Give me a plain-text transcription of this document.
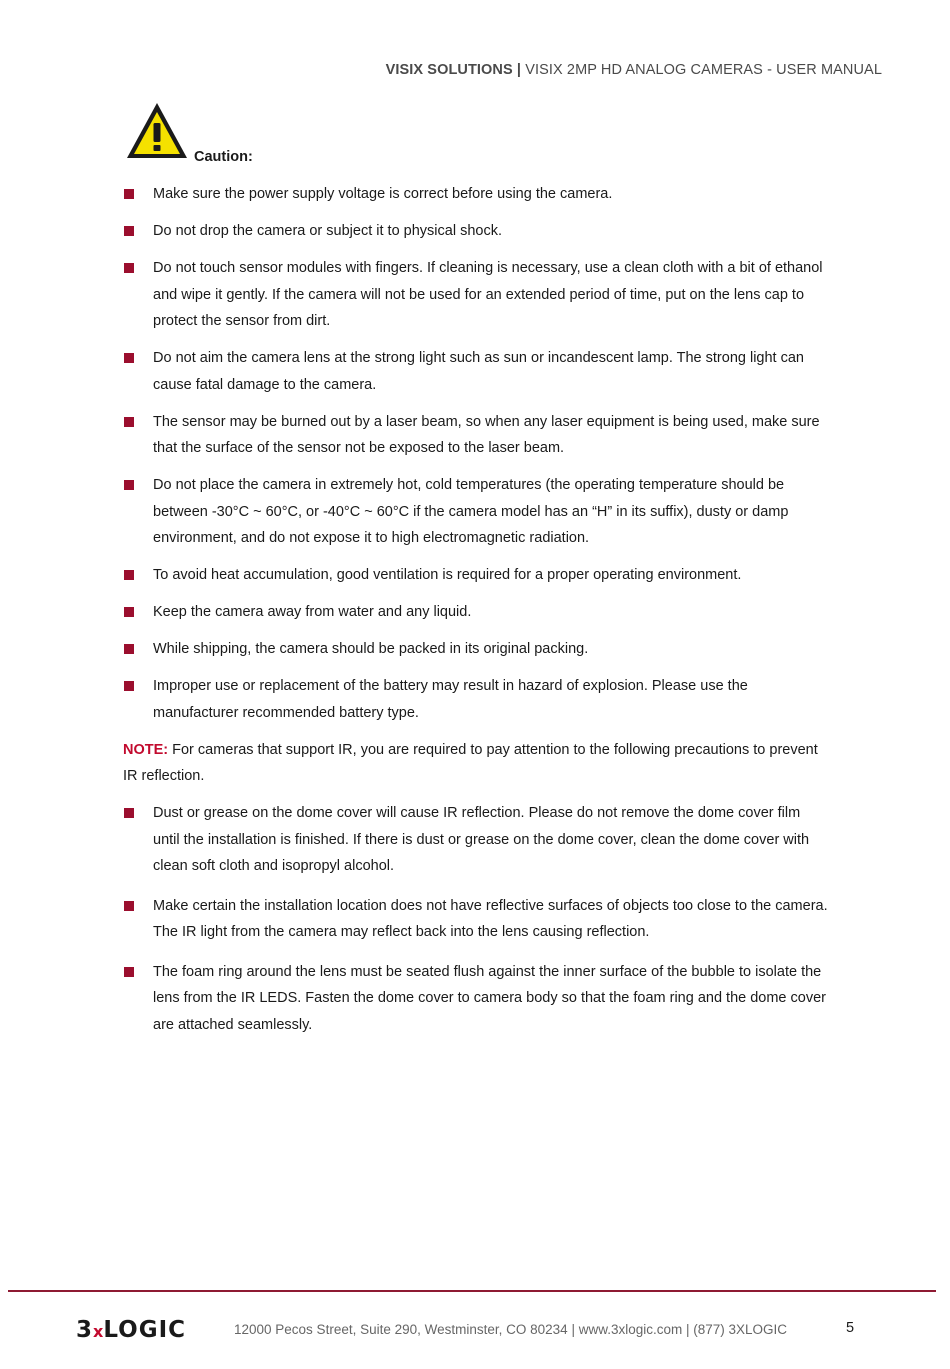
VISIX SOLUTIONS | VISIX 2MP HD ANALOG CAMERAS - USER MANUAL
Caution:
Make sure the power supply voltage is correct before using the camera.
Do not drop the camera or subject it to physical shock.
Do not touch sensor modules with fingers. If cleaning is necessary, use a clean cloth with a bit of ethanol and wipe it gently. If the camera will not be used for an extended period of time, put on the lens cap to protect the sensor from dirt.
Do not aim the camera lens at the strong light such as sun or incandescent lamp. The strong light can cause fatal damage to the camera.
The sensor may be burned out by a laser beam, so when any laser equipment is being used, make sure that the surface of the sensor not be exposed to the laser beam.
Do not place the camera in extremely hot, cold temperatures (the operating temperature should be between -30°C ~ 60°C, or -40°C ~ 60°C if the camera model has an “H” in its suffix), dusty or damp environment, and do not expose it to high electromagnetic radiation.
To avoid heat accumulation, good ventilation is required for a proper operating environment.
Keep the camera away from water and any liquid.
While shipping, the camera should be packed in its original packing.
Improper use or replacement of the battery may result in hazard of explosion. Please use the manufacturer recommended battery type.

NOTE: For cameras that support IR, you are required to pay attention to the following precautions to prevent IR reflection.

Dust or grease on the dome cover will cause IR reflection. Please do not remove the dome cover film until the installation is finished. If there is dust or grease on the dome cover, clean the dome cover with clean soft cloth and isopropyl alcohol.
Make certain the installation location does not have reflective surfaces of objects too close to the camera. The IR light from the camera may reflect back into the lens causing reflection.
The foam ring around the lens must be seated flush against the inner surface of the bubble to isolate the lens from the IR LEDS. Fasten the dome cover to camera body so that the foam ring and the dome cover are attached seamlessly.
3xLOGIC	12000 Pecos Street, Suite 290, Westminster, CO 80234 | www.3xlogic.com | (877) 3XLOGIC	5
